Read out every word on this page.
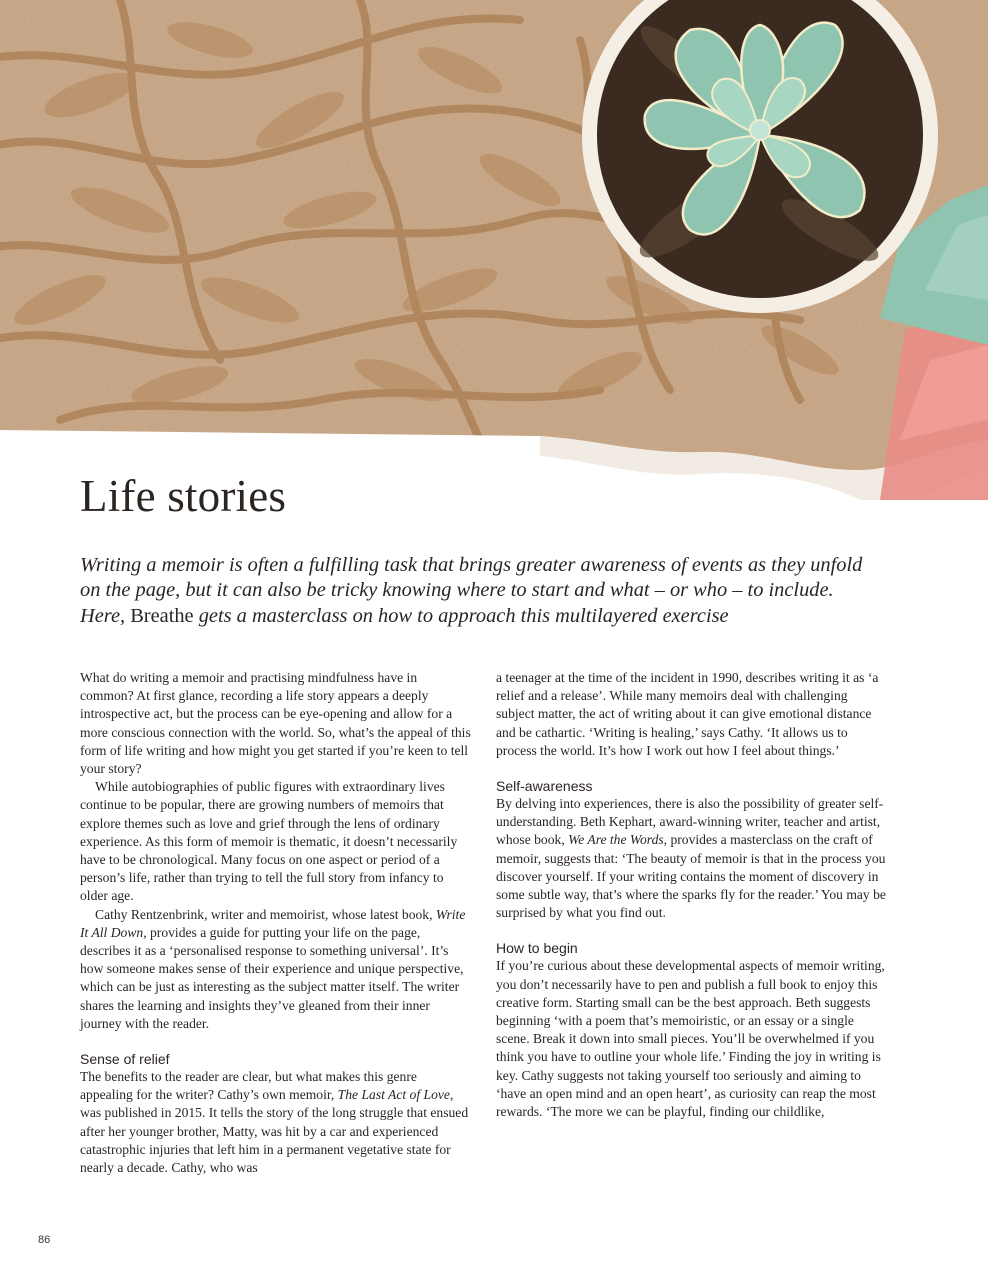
Life stories

Writing a memoir is often a fulfilling task that brings greater awareness of events as they unfold on the page, but it can also be tricky knowing where to start and what – or who – to include. Here, Breathe gets a masterclass on how to approach this multilayered exercise

What do writing a memoir and practising mindfulness have in common? At first glance, recording a life story appears a deeply introspective act, but the process can be eye-opening and allow for a more conscious connection with the world. So, what’s the appeal of this form of life writing and how might you get started if you’re keen to tell your story?

While autobiographies of public figures with extraordinary lives continue to be popular, there are growing numbers of memoirs that explore themes such as love and grief through the lens of ordinary experience. As this form of memoir is thematic, it doesn’t necessarily have to be chronological. Many focus on one aspect or period of a person’s life, rather than trying to tell the full story from infancy to older age.

Cathy Rentzenbrink, writer and memoirist, whose latest book, Write It All Down, provides a guide for putting your life on the page, describes it as a ‘personalised response to something universal’. It’s how someone makes sense of their experience and unique perspective, which can be just as interesting as the subject matter itself. The writer shares the learning and insights they’ve gleaned from their inner journey with the reader.

Sense of relief

The benefits to the reader are clear, but what makes this genre appealing for the writer? Cathy’s own memoir, The Last Act of Love, was published in 2015. It tells the story of the long struggle that ensued after her younger brother, Matty, was hit by a car and experienced catastrophic injuries that left him in a permanent vegetative state for nearly a decade. Cathy, who was

a teenager at the time of the incident in 1990, describes writing it as ‘a relief and a release’. While many memoirs deal with challenging subject matter, the act of writing about it can give emotional distance and be cathartic. ‘Writing is healing,’ says Cathy. ‘It allows us to process the world. It’s how I work out how I feel about things.’

Self-awareness

By delving into experiences, there is also the possibility of greater self-understanding. Beth Kephart, award-winning writer, teacher and artist, whose book, We Are the Words, provides a masterclass on the craft of memoir, suggests that: ‘The beauty of memoir is that in the process you discover yourself. If your writing contains the moment of discovery in some subtle way, that’s where the sparks fly for the reader.’ You may be surprised by what you find out.

How to begin

If you’re curious about these developmental aspects of memoir writing, you don’t necessarily have to pen and publish a full book to enjoy this creative form. Starting small can be the best approach. Beth suggests beginning ‘with a poem that’s memoiristic, or an essay or a single scene. Break it down into small pieces. You’ll be overwhelmed if you think you have to outline your whole life.’ Finding the joy in writing is key. Cathy suggests not taking yourself too seriously and aiming to ‘have an open mind and an open heart’, as curiosity can reap the most rewards. ‘The more we can be playful, finding our childlike,

86
